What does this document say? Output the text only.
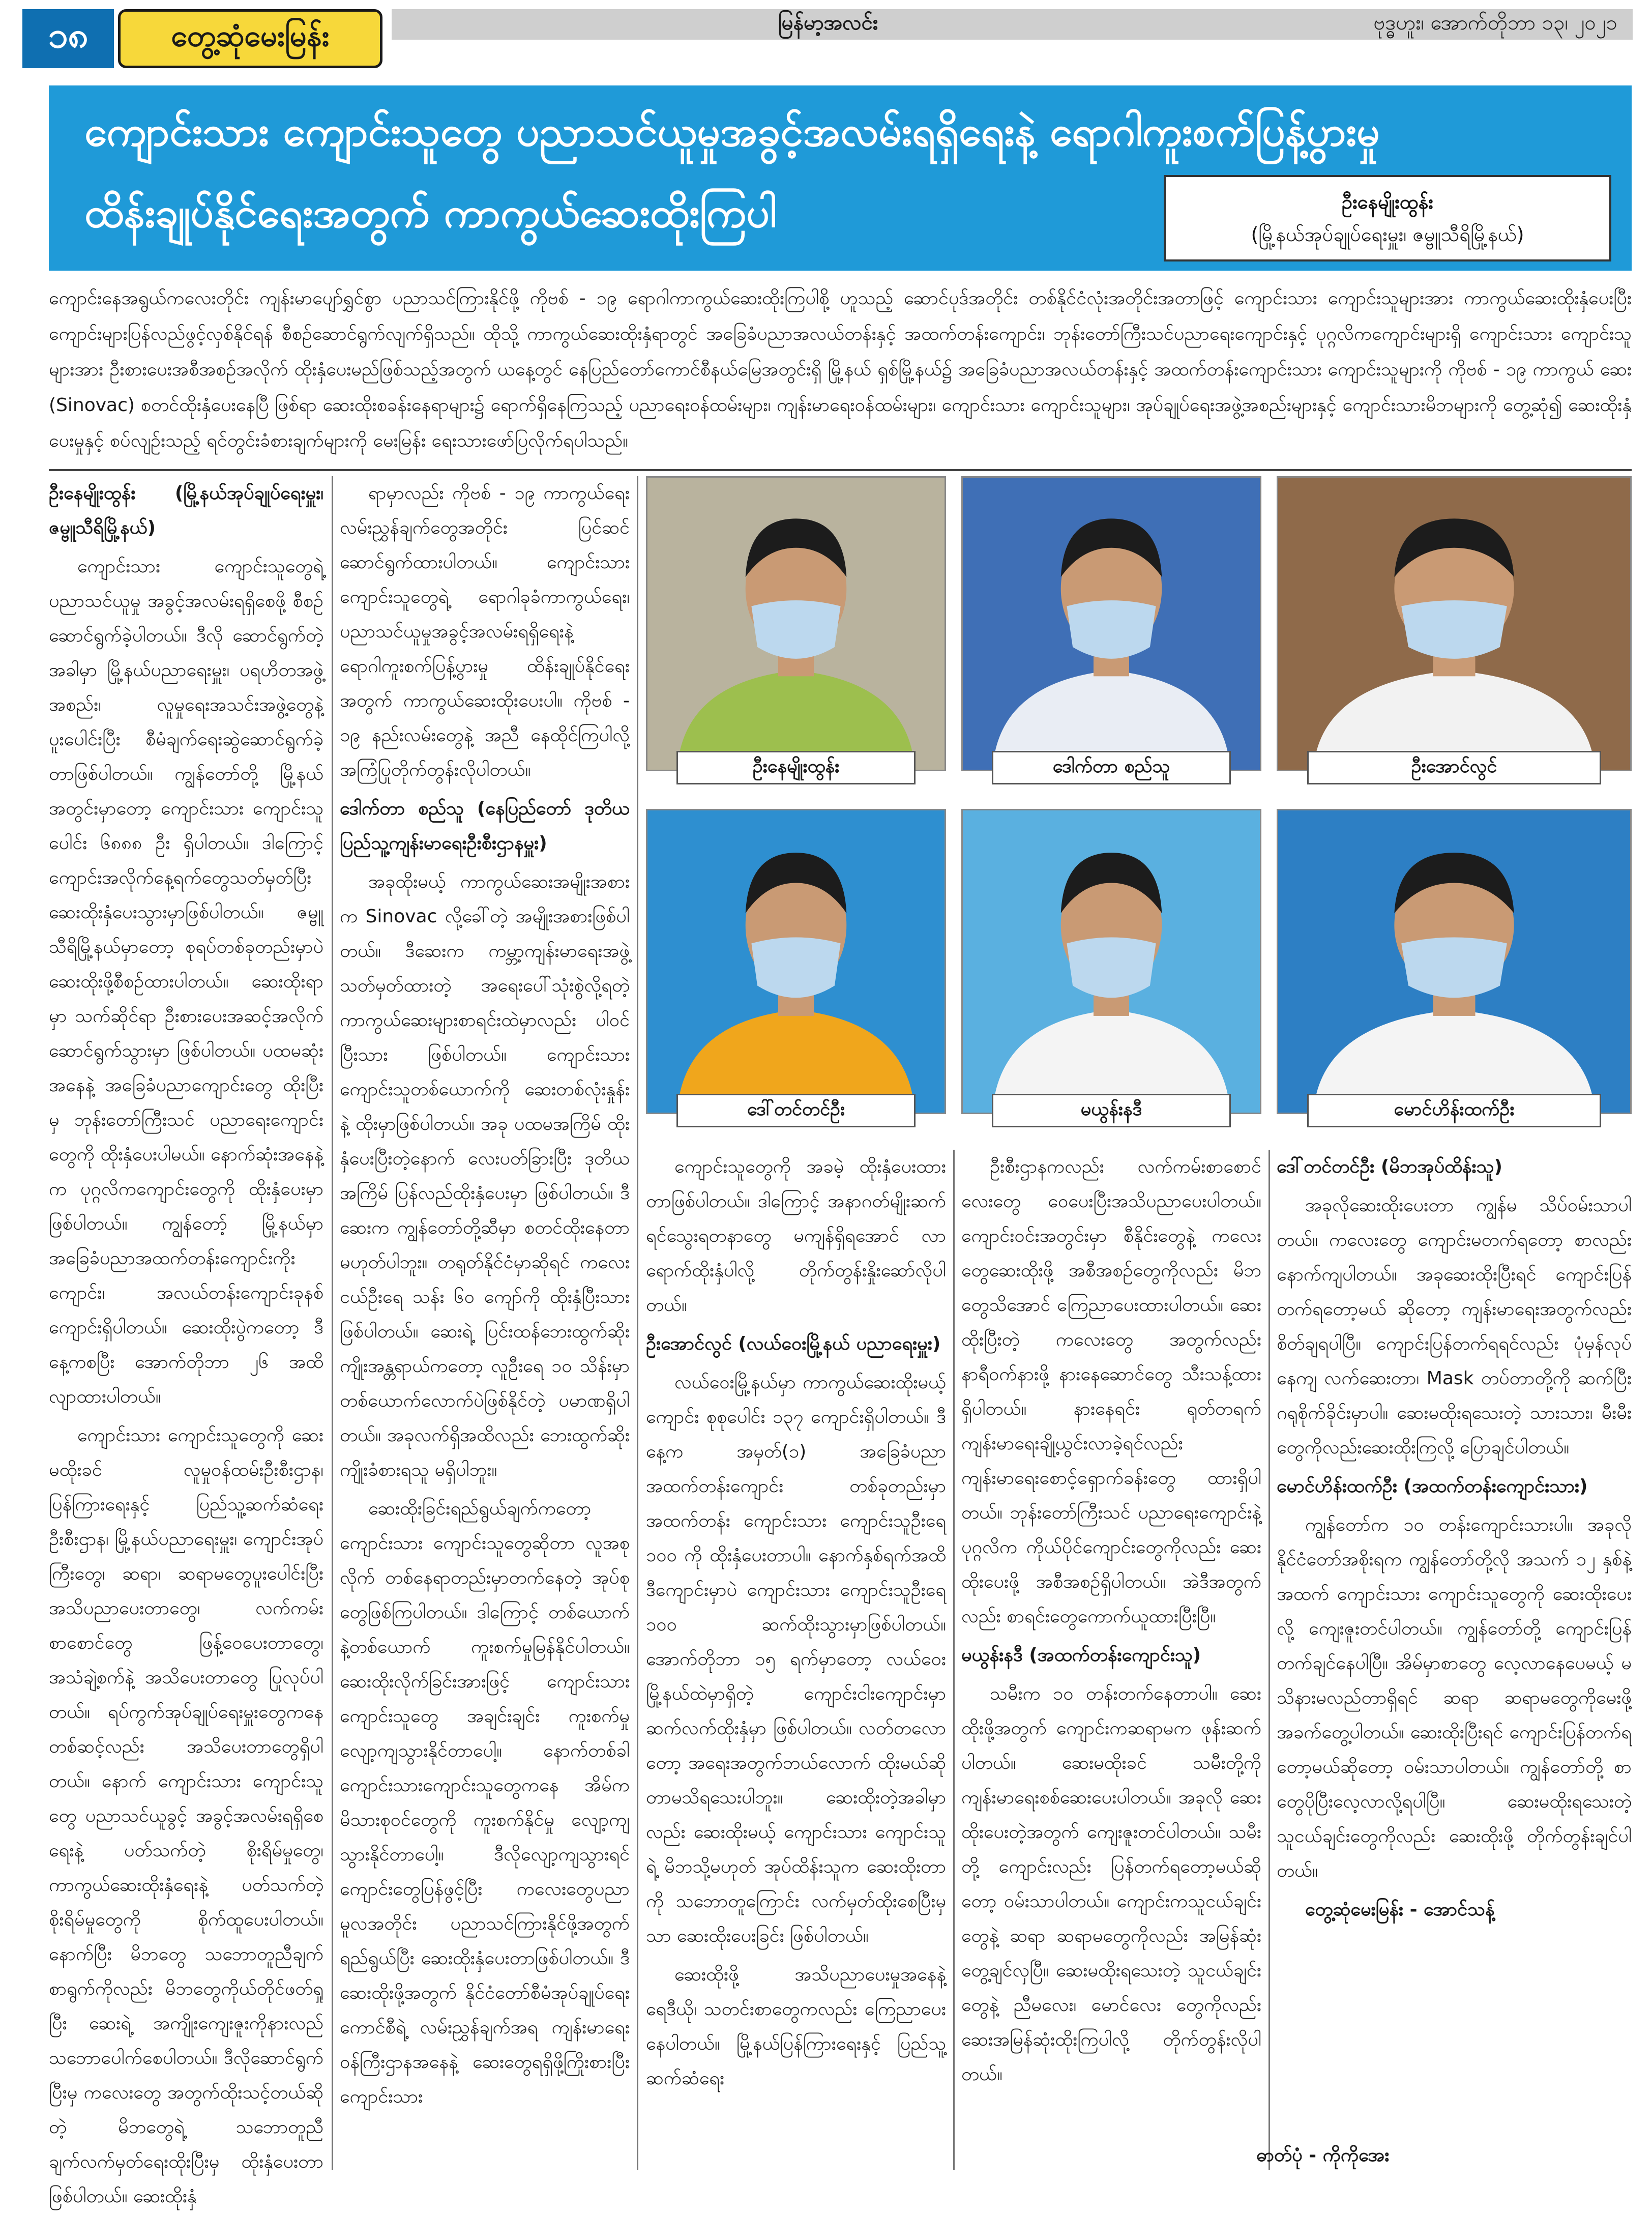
၁၈	တွေ့ဆုံမေးမြန်း	မြန်မာ့အလင်း	ဗုဒ္ဓဟူး၊ အောက်တိုဘာ ၁၃၊ ၂၀၂၁
ကျောင်းသား ကျောင်းသူတွေ ပညာသင်ယူမှုအခွင့်အလမ်းရရှိရေးနဲ့ ရောဂါကူးစက်ပြန့်ပွားမှု
ထိန်းချုပ်နိုင်ရေးအတွက် ကာကွယ်ဆေးထိုးကြပါ	ဦးနေမျိုးထွန်း
(မြို့နယ်အုပ်ချုပ်ရေးမှူး၊ ဇမ္ဗူသီရိမြို့နယ်)
ကျောင်းနေအရွယ်ကလေးတိုင်း ကျန်းမာပျော်ရွှင်စွာ ပညာသင်ကြားနိုင်ဖို့ ကိုဗစ် - ၁၉ ရောဂါကာကွယ်ဆေးထိုးကြပါစို့ ဟူသည့် ဆောင်ပုဒ်အတိုင်း တစ်နိုင်ငံလုံးအတိုင်းအတာဖြင့် ကျောင်းသား ကျောင်းသူများအား ကာကွယ်ဆေးထိုးနှံပေးပြီး ကျောင်းများပြန်လည်ဖွင့်လှစ်နိုင်ရန် စီစဉ်ဆောင်ရွက်လျက်ရှိသည်။ ထိုသို့ ကာကွယ်ဆေးထိုးနှံရာတွင် အခြေခံပညာအလယ်တန်းနှင့် အထက်တန်းကျောင်း၊ ဘုန်းတော်ကြီးသင်ပညာရေးကျောင်းနှင့် ပုဂ္ဂလိကကျောင်းများရှိ ကျောင်းသား ကျောင်းသူများအား ဦးစားပေးအစီအစဉ်အလိုက် ထိုးနှံပေးမည်ဖြစ်သည့်အတွက် ယနေ့တွင် နေပြည်တော်ကောင်စီနယ်မြေအတွင်းရှိ မြို့နယ် ရှစ်မြို့နယ်၌ အခြေခံပညာအလယ်တန်းနှင့် အထက်တန်းကျောင်းသား ကျောင်းသူများကို ကိုဗစ် - ၁၉ ကာကွယ် ဆေး (Sinovac) စတင်ထိုးနှံပေးနေပြီ ဖြစ်ရာ ဆေးထိုးစခန်းနေရာများ၌ ရောက်ရှိနေကြသည့် ပညာရေးဝန်ထမ်းများ၊ ကျန်းမာရေးဝန်ထမ်းများ၊ ကျောင်းသား ကျောင်းသူများ၊ အုပ်ချုပ်ရေးအဖွဲ့အစည်းများနှင့် ကျောင်းသားမိဘများကို တွေ့ဆုံ၍ ဆေးထိုးနှံပေးမှုနှင့် စပ်လျဉ်းသည့် ရင်တွင်းခံစားချက်များကို မေးမြန်း ရေးသားဖော်ပြလိုက်ရပါသည်။
ဦးနေမျိုးထွန်း (မြို့နယ်အုပ်ချုပ်ရေးမှူး၊ ဇမ္ဗူသီရိမြို့နယ်)

ကျောင်းသား ကျောင်းသူတွေရဲ့ ပညာသင်ယူမှု အခွင့်အလမ်းရရှိစေဖို့ စီစဉ်ဆောင်ရွက်ခဲ့ပါတယ်။ ဒီလို ဆောင်ရွက်တဲ့အခါမှာ မြို့နယ်ပညာရေးမှူး၊ ပရဟိတအဖွဲ့အစည်း၊ လူမှုရေးအသင်းအဖွဲ့တွေနဲ့ ပူးပေါင်းပြီး စီမံချက်ရေးဆွဲဆောင်ရွက်ခဲ့တာဖြစ်ပါတယ်။ ကျွန်တော်တို့ မြို့နယ်အတွင်းမှာတော့ ကျောင်းသား ကျောင်းသူပေါင်း ၆၈၈၈ ဦး ရှိပါတယ်။ ဒါကြောင့် ကျောင်းအလိုက်နေ့ရက်တွေသတ်မှတ်ပြီး ဆေးထိုးနှံပေးသွားမှာဖြစ်ပါတယ်။ ဇမ္ဗူသီရိမြို့နယ်မှာတော့ စုရပ်တစ်ခုတည်းမှာပဲ ဆေးထိုးဖို့စီစဉ်ထားပါတယ်။ ဆေးထိုးရာမှာ သက်ဆိုင်ရာ ဦးစားပေးအဆင့်အလိုက် ဆောင်ရွက်သွားမှာ ဖြစ်ပါတယ်။ ပထမဆုံးအနေနဲ့ အခြေခံပညာကျောင်းတွေ ထိုးပြီးမှ ဘုန်းတော်ကြီးသင် ပညာရေးကျောင်းတွေကို ထိုးနှံပေးပါမယ်။ နောက်ဆုံးအနေနဲ့က ပုဂ္ဂလိကကျောင်းတွေကို ထိုးနှံပေးမှာ ဖြစ်ပါတယ်။ ကျွန်တော့် မြို့နယ်မှာ အခြေခံပညာအထက်တန်းကျောင်းကိုးကျောင်း၊ အလယ်တန်းကျောင်းခုနစ်ကျောင်းရှိပါတယ်။ ဆေးထိုးပွဲကတော့ ဒီနေ့ကစပြီး အောက်တိုဘာ ၂၆ အထိ လျာထားပါတယ်။

ကျောင်းသား ကျောင်းသူတွေကို ဆေးမထိုးခင် လူမှုဝန်ထမ်းဦးစီးဌာန၊ ပြန်ကြားရေးနှင့် ပြည်သူ့ဆက်ဆံရေးဦးစီးဌာန၊ မြို့နယ်ပညာရေးမှူး၊ ကျောင်းအုပ်ကြီးတွေ၊ ဆရာ၊ ဆရာမတွေပူးပေါင်းပြီး အသိပညာပေးတာတွေ၊ လက်ကမ်းစာစောင်တွေ ဖြန့်ဝေပေးတာတွေ၊ အသံချဲ့စက်နဲ့ အသိပေးတာတွေ ပြုလုပ်ပါတယ်။ ရပ်ကွက်အုပ်ချုပ်ရေးမှူးတွေကနေတစ်ဆင့်လည်း အသိပေးတာတွေရှိပါတယ်။ နောက် ကျောင်းသား ကျောင်းသူတွေ ပညာသင်ယူခွင့် အခွင့်အလမ်းရရှိစေရေးနဲ့ ပတ်သက်တဲ့ စိုးရိမ်မှုတွေ၊ ကာကွယ်ဆေးထိုးနှံရေးနဲ့ ပတ်သက်တဲ့ စိုးရိမ်မှုတွေကို စိုက်ထူပေးပါတယ်။ နောက်ပြီး မိဘတွေ သဘောတူညီချက်စာရွက်ကိုလည်း မိဘတွေကိုယ်တိုင်ဖတ်ရှုပြီး ဆေးရဲ့ အကျိုးကျေးဇူးကိုနားလည် သဘောပေါက်စေပါတယ်။ ဒီလိုဆောင်ရွက်ပြီးမှ ကလေးတွေ အတွက်ထိုးသင့်တယ်ဆိုတဲ့ မိဘတွေရဲ့ သဘောတူညီချက်လက်မှတ်ရေးထိုးပြီးမှ ထိုးနှံပေးတာဖြစ်ပါတယ်။ ဆေးထိုးနှံ

ရာမှာလည်း ကိုဗစ် - ၁၉ ကာကွယ်ရေး လမ်းညွှန်ချက်တွေအတိုင်း ပြင်ဆင်ဆောင်ရွက်ထားပါတယ်။ ကျောင်းသား ကျောင်းသူတွေရဲ့ ရောဂါခုခံကာကွယ်ရေး၊ ပညာသင်ယူမှုအခွင့်အလမ်းရရှိရေးနဲ့ ရောဂါကူးစက်ပြန့်ပွားမှု ထိန်းချုပ်နိုင်ရေးအတွက် ကာကွယ်ဆေးထိုးပေးပါ။ ကိုဗစ် - ၁၉ နည်းလမ်းတွေနဲ့ အညီ နေထိုင်ကြပါလို့ အကြံပြုတိုက်တွန်းလိုပါတယ်။

ဒေါက်တာ စည်သူ (နေပြည်တော် ဒုတိယ ပြည်သူ့ကျန်းမာရေးဦးစီးဌာနမှူး)

အခုထိုးမယ့် ကာကွယ်ဆေးအမျိုးအစားက Sinovac လို့ခေါ်တဲ့ အမျိုးအစားဖြစ်ပါတယ်။ ဒီဆေးက ကမ္ဘာ့ကျန်းမာရေးအဖွဲ့သတ်မှတ်ထားတဲ့ အရေးပေါ်သုံးစွဲလို့ရတဲ့ ကာကွယ်ဆေးများစာရင်းထဲမှာလည်း ပါဝင်ပြီးသား ဖြစ်ပါတယ်။ ကျောင်းသား ကျောင်းသူတစ်ယောက်ကို ဆေးတစ်လုံးနှုန်းနဲ့ ထိုးမှာဖြစ်ပါတယ်။ အခု ပထမအကြိမ် ထိုးနှံပေးပြီးတဲ့နောက် လေးပတ်ခြားပြီး ဒုတိယအကြိမ် ပြန်လည်ထိုးနှံပေးမှာ ဖြစ်ပါတယ်။ ဒီဆေးက ကျွန်တော်တို့ဆီမှာ စတင်ထိုးနေတာမဟုတ်ပါဘူး။ တရုတ်နိုင်ငံမှာဆိုရင် ကလေးငယ်ဦးရေ သန်း ၆၀ ကျော်ကို ထိုးနှံပြီးသားဖြစ်ပါတယ်။ ဆေးရဲ့ ပြင်းထန်ဘေးထွက်ဆိုးကျိုးအန္တရာယ်ကတော့ လူဦးရေ ၁၀ သိန်းမှာ တစ်ယောက်လောက်ပဲဖြစ်နိုင်တဲ့ ပမာဏရှိပါတယ်။ အခုလက်ရှိအထိလည်း ဘေးထွက်ဆိုးကျိုးခံစားရသူ မရှိပါဘူး။

ဆေးထိုးခြင်းရည်ရွယ်ချက်ကတော့ ကျောင်းသား ကျောင်းသူတွေဆိုတာ လူအစုလိုက် တစ်နေရာတည်းမှာတက်နေတဲ့ အုပ်စုတွေဖြစ်ကြပါတယ်။ ဒါကြောင့် တစ်ယောက်နဲ့တစ်ယောက် ကူးစက်မှုမြန်နိုင်ပါတယ်။ ဆေးထိုးလိုက်ခြင်းအားဖြင့် ကျောင်းသား ကျောင်းသူတွေ အချင်းချင်း ကူးစက်မှု လျော့ကျသွားနိုင်တာပေါ့။ နောက်တစ်ခါ ကျောင်းသားကျောင်းသူတွေကနေ အိမ်ကမိသားစုဝင်တွေကို ကူးစက်နိုင်မှု လျော့ကျသွားနိုင်တာပေါ့။ ဒီလိုလျော့ကျသွားရင် ကျောင်းတွေပြန်ဖွင့်ပြီး ကလေးတွေပညာ မူလအတိုင်း ပညာသင်ကြားနိုင်ဖို့အတွက် ရည်ရွယ်ပြီး ဆေးထိုးနှံပေးတာဖြစ်ပါတယ်။ ဒီဆေးထိုးဖို့အတွက် နိုင်ငံတော်စီမံအုပ်ချုပ်ရေးကောင်စီရဲ့ လမ်းညွှန်ချက်အရ ကျန်းမာရေးဝန်ကြီးဌာနအနေနဲ့ ဆေးတွေရရှိဖို့ကြိုးစားပြီး ကျောင်းသား

ဦးနေမျိုးထွန်း	ဒေါက်တာ စည်သူ	ဦးအောင်လွင်
ဒေါ်တင်တင်ဦး	မယွန်းနဒီ	မောင်ဟိန်းထက်ဦး

ကျောင်းသူတွေကို အခမဲ့ ထိုးနှံပေးထားတာဖြစ်ပါတယ်။ ဒါကြောင့် အနာဂတ်မျိုးဆက်ရင်သွေးရတနာတွေ မကျန်ရှိရအောင် လာရောက်ထိုးနှံပါလို့ တိုက်တွန်းနှိုးဆော်လိုပါတယ်။

ဦးအောင်လွင် (လယ်ဝေးမြို့နယ် ပညာရေးမှူး)

လယ်ဝေးမြို့နယ်မှာ ကာကွယ်ဆေးထိုးမယ့်ကျောင်း စုစုပေါင်း ၁၃၇ ကျောင်းရှိပါတယ်။ ဒီနေ့က အမှတ်(၁) အခြေခံပညာအထက်တန်းကျောင်း တစ်ခုတည်းမှာ အထက်တန်း ကျောင်းသား ကျောင်းသူဦးရေ ၁၀၀ ကို ထိုးနှံပေးတာပါ။ နောက်နှစ်ရက်အထိ ဒီကျောင်းမှာပဲ ကျောင်းသား ကျောင်းသူဦးရေ ၁၀၀ ဆက်ထိုးသွားမှာဖြစ်ပါတယ်။ အောက်တိုဘာ ၁၅ ရက်မှာတော့ လယ်ဝေးမြို့နယ်ထဲမှာရှိတဲ့ ကျောင်းငါးကျောင်းမှာ ဆက်လက်ထိုးနှံမှာ ဖြစ်ပါတယ်။ လတ်တလောတော့ အရေးအတွက်ဘယ်လောက် ထိုးမယ်ဆိုတာမသိရသေးပါဘူး။ ဆေးထိုးတဲ့အခါမှာလည်း ဆေးထိုးမယ့် ကျောင်းသား ကျောင်းသူရဲ့ မိဘသို့မဟုတ် အုပ်ထိန်းသူက ဆေးထိုးတာကို သဘောတူကြောင်း လက်မှတ်ထိုးစေပြီးမှသာ ဆေးထိုးပေးခြင်း ဖြစ်ပါတယ်။

ဆေးထိုးဖို့ အသိပညာပေးမှုအနေနဲ့ ရေဒီယို၊ သတင်းစာတွေကလည်း ကြေညာပေးနေပါတယ်။ မြို့နယ်ပြန်ကြားရေးနှင့် ပြည်သူ့ဆက်ဆံရေး

ဦးစီးဌာနကလည်း လက်ကမ်းစာစောင်လေးတွေ ဝေပေးပြီးအသိပညာပေးပါတယ်။ ကျောင်းဝင်းအတွင်းမှာ စီနိုင်းတွေနဲ့ ကလေးတွေဆေးထိုးဖို့ အစီအစဉ်တွေကိုလည်း မိဘတွေသိအောင် ကြေညာပေးထားပါတယ်။ ဆေးထိုးပြီးတဲ့ ကလေးတွေ အတွက်လည်း နာရီဝက်နားဖို့ နားနေဆောင်တွေ သီးသန့်ထားရှိပါတယ်။ နားနေရင်း ရုတ်တရက် ကျန်းမာရေးချို့ယွင်းလာခဲ့ရင်လည်း ကျန်းမာရေးစောင့်ရှောက်ခန်းတွေ ထားရှိပါတယ်။ ဘုန်းတော်ကြီးသင် ပညာရေးကျောင်းနဲ့ ပုဂ္ဂလိက ကိုယ်ပိုင်ကျောင်းတွေကိုလည်း ဆေးထိုးပေးဖို့ အစီအစဉ်ရှိပါတယ်။ အဲဒီအတွက်လည်း စာရင်းတွေကောက်ယူထားပြီးပြီ။

မယွန်းနဒီ (အထက်တန်းကျောင်းသူ)

သမီးက ၁၀ တန်းတက်နေတာပါ။ ဆေးထိုးဖို့အတွက် ကျောင်းကဆရာမက ဖုန်းဆက်ပါတယ်။ ဆေးမထိုးခင် သမီးတို့ကို ကျန်းမာရေးစစ်ဆေးပေးပါတယ်။ အခုလို ဆေးထိုးပေးတဲ့အတွက် ကျေးဇူးတင်ပါတယ်။ သမီးတို့ ကျောင်းလည်း ပြန်တက်ရတော့မယ်ဆိုတော့ ဝမ်းသာပါတယ်။ ကျောင်းကသူငယ်ချင်းတွေနဲ့ ဆရာ ဆရာမတွေကိုလည်း အမြန်ဆုံးတွေ့ချင်လှပြီ။ ဆေးမထိုးရသေးတဲ့ သူငယ်ချင်းတွေနဲ့ ညီမလေး၊ မောင်လေး တွေကိုလည်း ဆေးအမြန်ဆုံးထိုးကြပါလို့ တိုက်တွန်းလိုပါတယ်။

ဒေါ်တင်တင်ဦး (မိဘအုပ်ထိန်းသူ)

အခုလိုဆေးထိုးပေးတာ ကျွန်မ သိပ်ဝမ်းသာပါတယ်။ ကလေးတွေ ကျောင်းမတက်ရတော့ စာလည်း နောက်ကျပါတယ်။ အခုဆေးထိုးပြီးရင် ကျောင်းပြန်တက်ရတော့မယ် ဆိုတော့ ကျန်းမာရေးအတွက်လည်း စိတ်ချရပါပြီ။ ကျောင်းပြန်တက်ရရင်လည်း ပုံမှန်လုပ်နေကျ လက်ဆေးတာ၊ Mask တပ်တာတို့ကို ဆက်ပြီး ဂရုစိုက်ခိုင်းမှာပါ။ ဆေးမထိုးရသေးတဲ့ သားသား၊ မီးမီးတွေကိုလည်းဆေးထိုးကြလို့ ပြောချင်ပါတယ်။

မောင်ဟိန်းထက်ဦး (အထက်တန်းကျောင်းသား)

ကျွန်တော်က ၁၀ တန်းကျောင်းသားပါ။ အခုလိုနိုင်ငံတော်အစိုးရက ကျွန်တော်တို့လို အသက် ၁၂ နှစ်နဲ့အထက် ကျောင်းသား ကျောင်းသူတွေကို ဆေးထိုးပေးလို့ ကျေးဇူးတင်ပါတယ်။ ကျွန်တော်တို့ ကျောင်းပြန်တက်ချင်နေပါပြီ။ အိမ်မှာစာတွေ လေ့လာနေပေမယ့် မသိနားမလည်တာရှိရင် ဆရာ ဆရာမတွေကိုမေးဖို့ အခက်တွေ့ပါတယ်။ ဆေးထိုးပြီးရင် ကျောင်းပြန်တက်ရတော့မယ်ဆိုတော့ ဝမ်းသာပါတယ်။ ကျွန်တော်တို့ စာတွေပိုပြီးလေ့လာလို့ရပါပြီ။ ဆေးမထိုးရသေးတဲ့သူငယ်ချင်းတွေကိုလည်း ဆေးထိုးဖို့ တိုက်တွန်းချင်ပါတယ်။

တွေ့ဆုံမေးမြန်း - အောင်သန့်

ဓာတ်ပုံ - ကိုကိုအေး
